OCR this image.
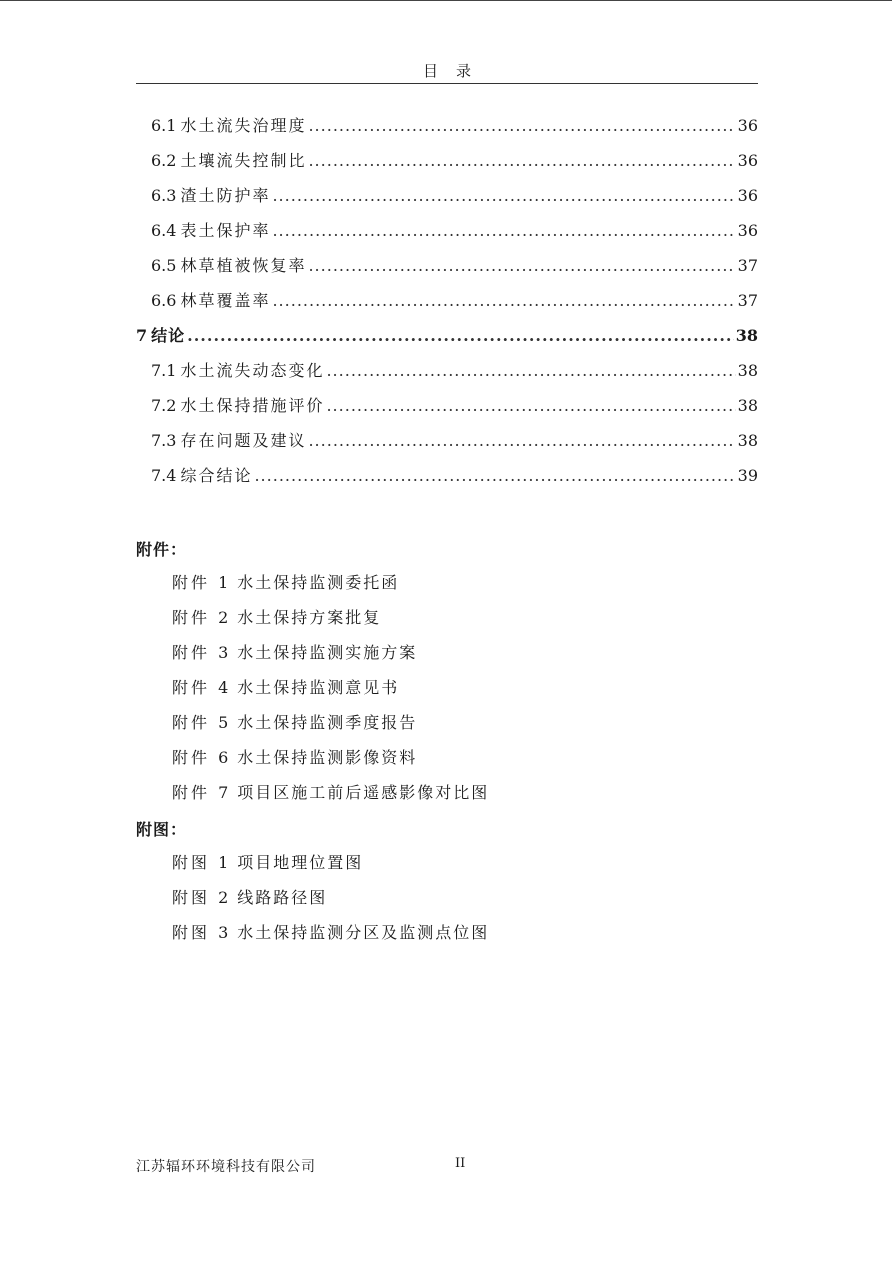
目录
6.1 水土流失治理度 .....	36
6.2 土壤流失控制比 .....	36
6.3 渣土防护率 .....	36
6.4 表土保护率 .....	36
6.5 林草植被恢复率 .....	37
6.6 林草覆盖率 .....	37
7 结论 .....	38
7.1 水土流失动态变化 .....	38
7.2 水土保持措施评价 .....	38
7.3 存在问题及建议 .....	38
7.4 综合结论 .....	39
附件：
附件 1 水土保持监测委托函
附件 2 水土保持方案批复
附件 3 水土保持监测实施方案
附件 4 水土保持监测意见书
附件 5 水土保持监测季度报告
附件 6 水土保持监测影像资料
附件 7 项目区施工前后遥感影像对比图
附图：
附图 1 项目地理位置图
附图 2 线路路径图
附图 3 水土保持监测分区及监测点位图
江苏辐环环境科技有限公司	II
